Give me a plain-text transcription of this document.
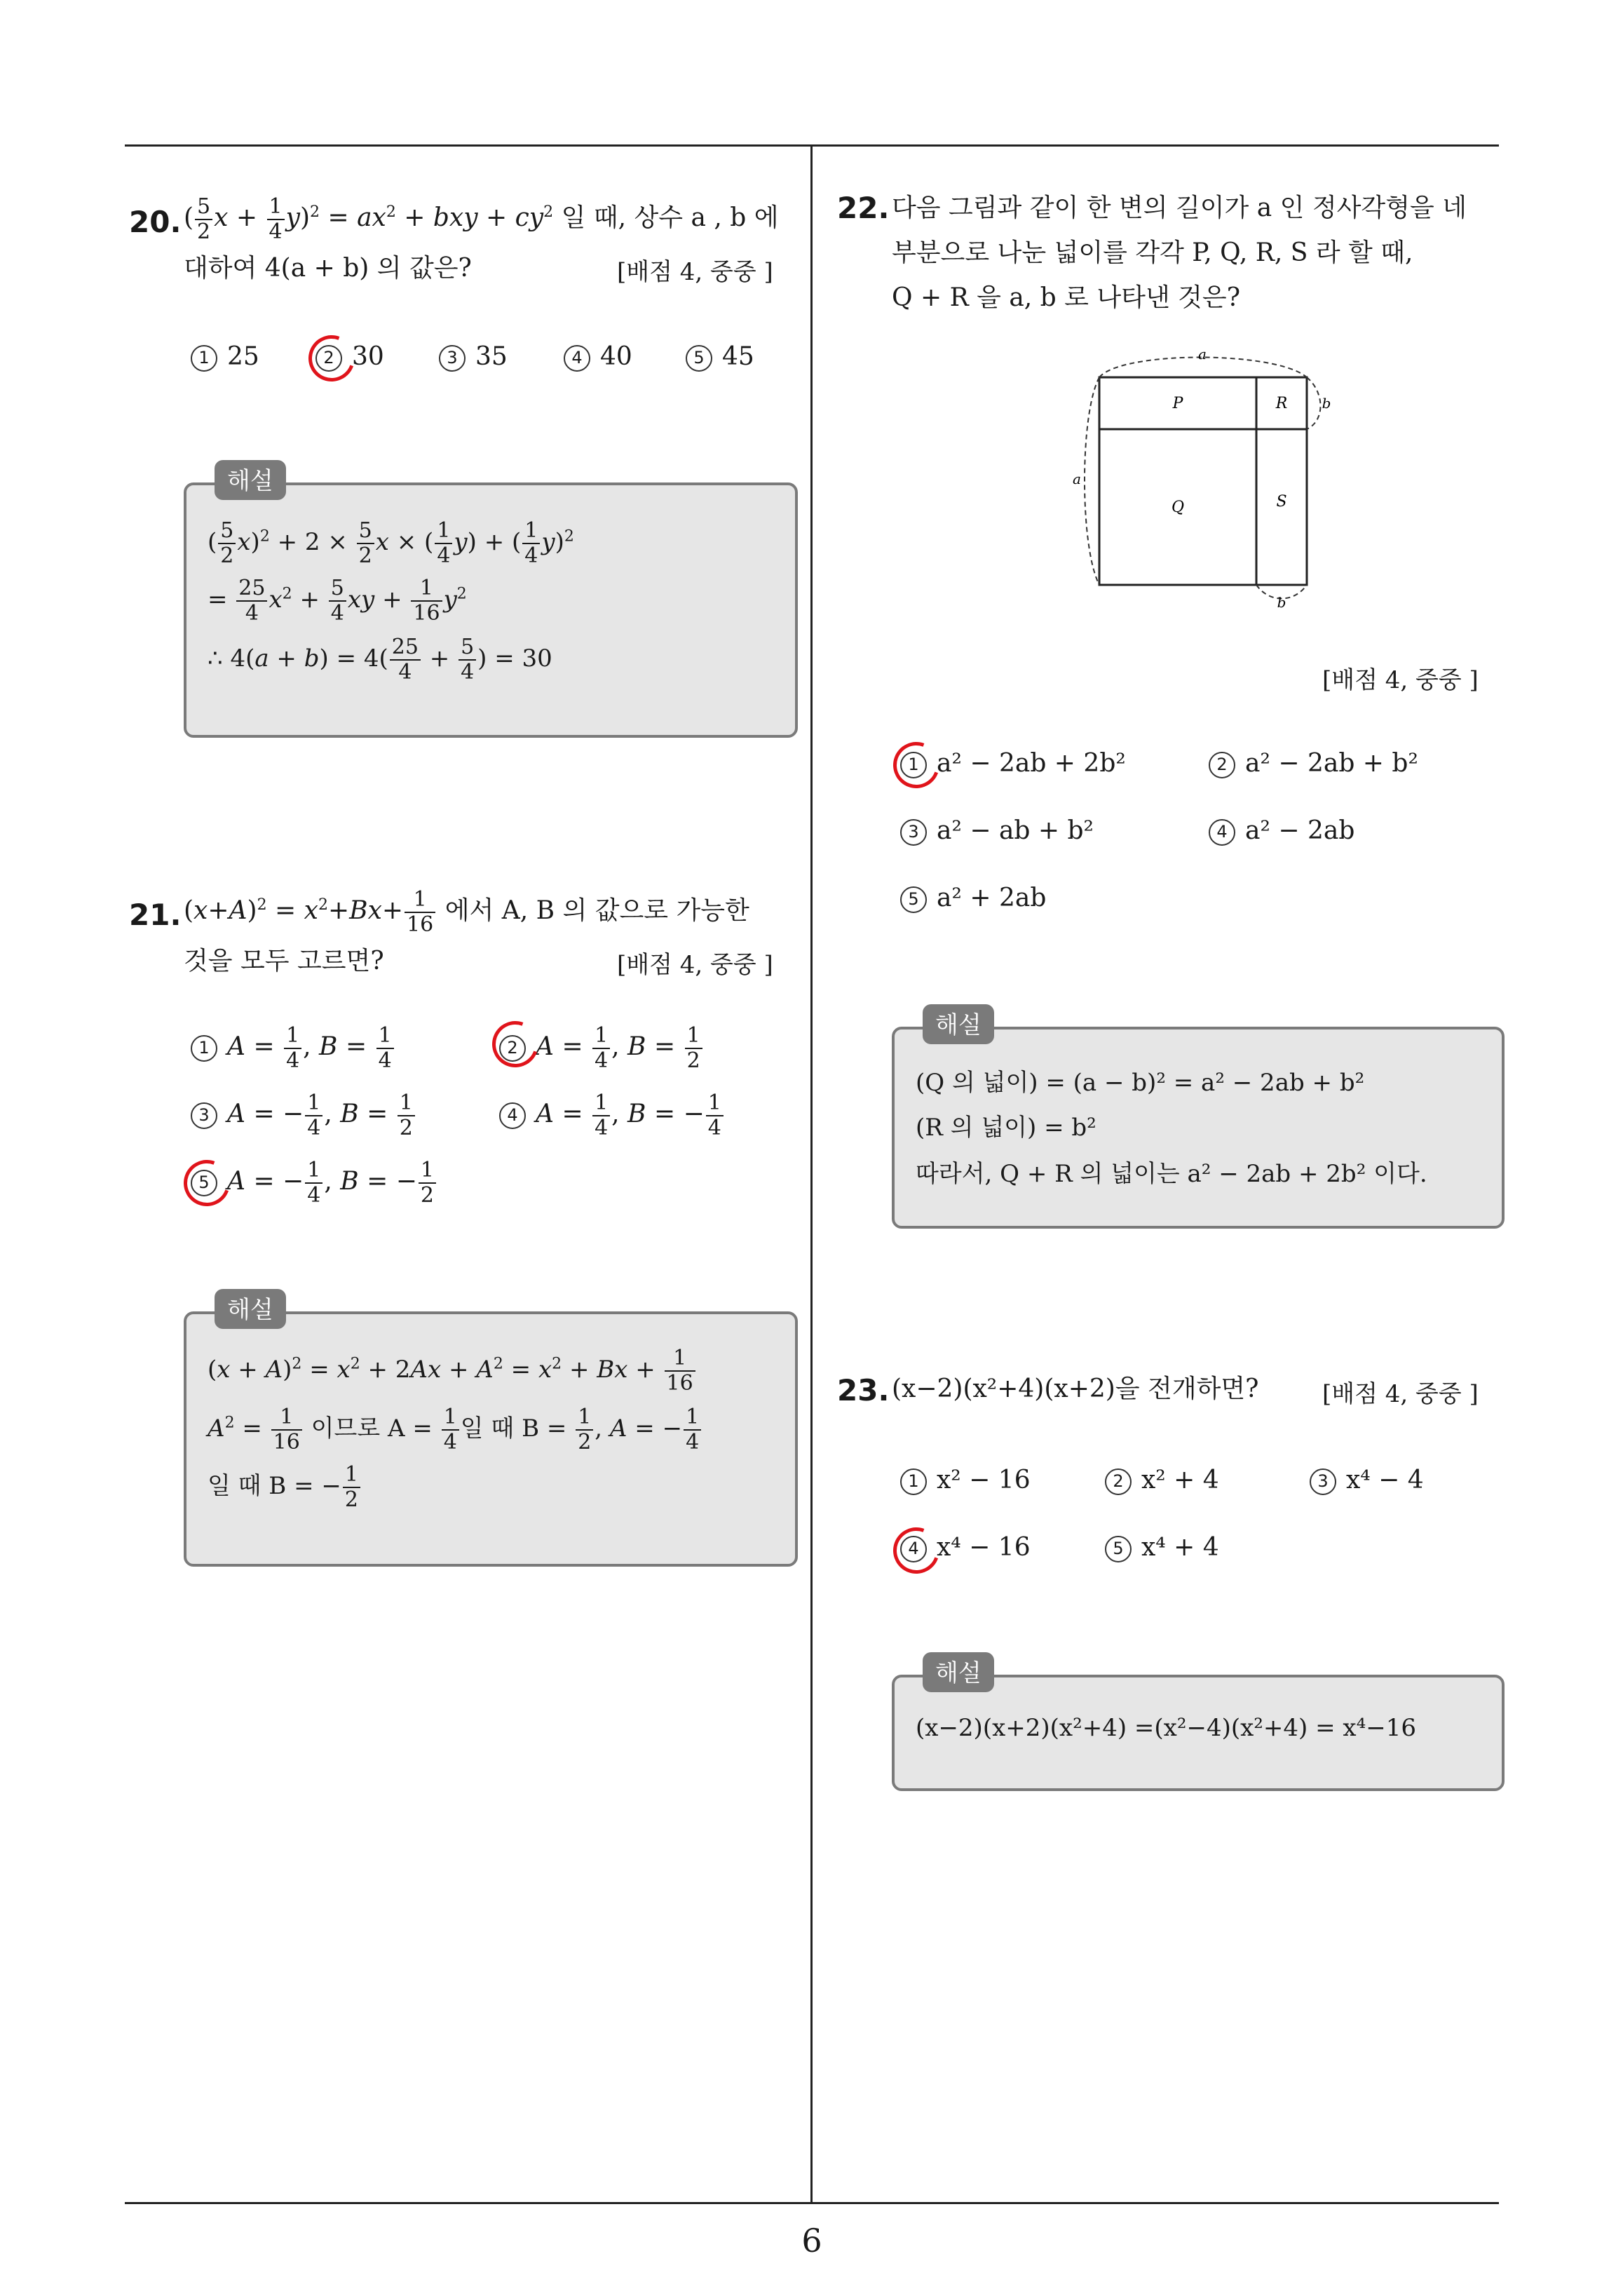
6
20. ( $\frac{5}{2}$ $x + \frac{1}{4} y)^2 = ax^2$ + bxy + $cy^2$ 일 때, 상수 a , b 에
대하여 4(a + b) 의 값은?	[배점 4, 중중 ]
1 25	2 30	3 35	4 40	5 45
해설
( $\frac{5}{2} x)^2 + 2 \times \frac{5}{2}$ x × ( $\frac{1}{4} y$) + ( $\frac{1}{4} y)^2$
= $\frac{25}{4} x^2 + \frac{5}{4}$ xy + $\frac{1}{16} y^2$
∴ $4(a + b) = 4( \frac{25}{4} + \frac{5}{4}$ ) = 30
21. $(x+A)^2 = x^2+Bx+ \frac{1}{16}$ 에서 A, B 의 값으로 가능한
것을 모두 고르면?	[배점 4, 중중 ]
1 $A = \frac{1}{4}$ , $B = \frac{1}{4}$	2 $A = \frac{1}{4}$ , $B = \frac{1}{2}$
3 A = − $\frac{1}{4}$ , $B = \frac{1}{2}$	4 $A = \frac{1}{4}$ , B = − $\frac{1}{4}$
5 A = − $\frac{1}{4}$ , B = − $\frac{1}{2}$
해설
$(x + A)^2 = x^2 + 2Ax + A^2 = x^2 + Bx + \frac{1}{16}$
$A^2 = \frac{1}{16}$ 이므로 $A = \frac{1}{4}$ 일 때 $B = \frac{1}{2}$ , A = − $\frac{1}{4}$
일 때 B = − $\frac{1}{2}$
22. 다음 그림과 같이 한 변의 길이가 a 인 정사각형을 네
부분으로 나눈 넓이를 각각 P, Q, R, S 라 할 때,
Q + R 을 a, b 로 나타낸 것은?
a
a
b
b
P	R
Q	S
[배점 4, 중중 ]
1 a² − 2ab + 2b²	2 a² − 2ab + b²
3 a² − ab + b²	4 a² − 2ab
5 a² + 2ab
해설
(Q 의 넓이) = (a − b)² = a² − 2ab + b²
(R 의 넓이) = b²
따라서, Q + R 의 넓이는 a² − 2ab + 2b² 이다.
23. (x−2)(x²+4)(x+2)을 전개하면?	[배점 4, 중중 ]
1 x² − 16	2 x² + 4	3 x⁴ − 4
4 x⁴ − 16	5 x⁴ + 4
해설
(x−2)(x+2)(x²+4) =(x²−4)(x²+4) = x⁴−16
